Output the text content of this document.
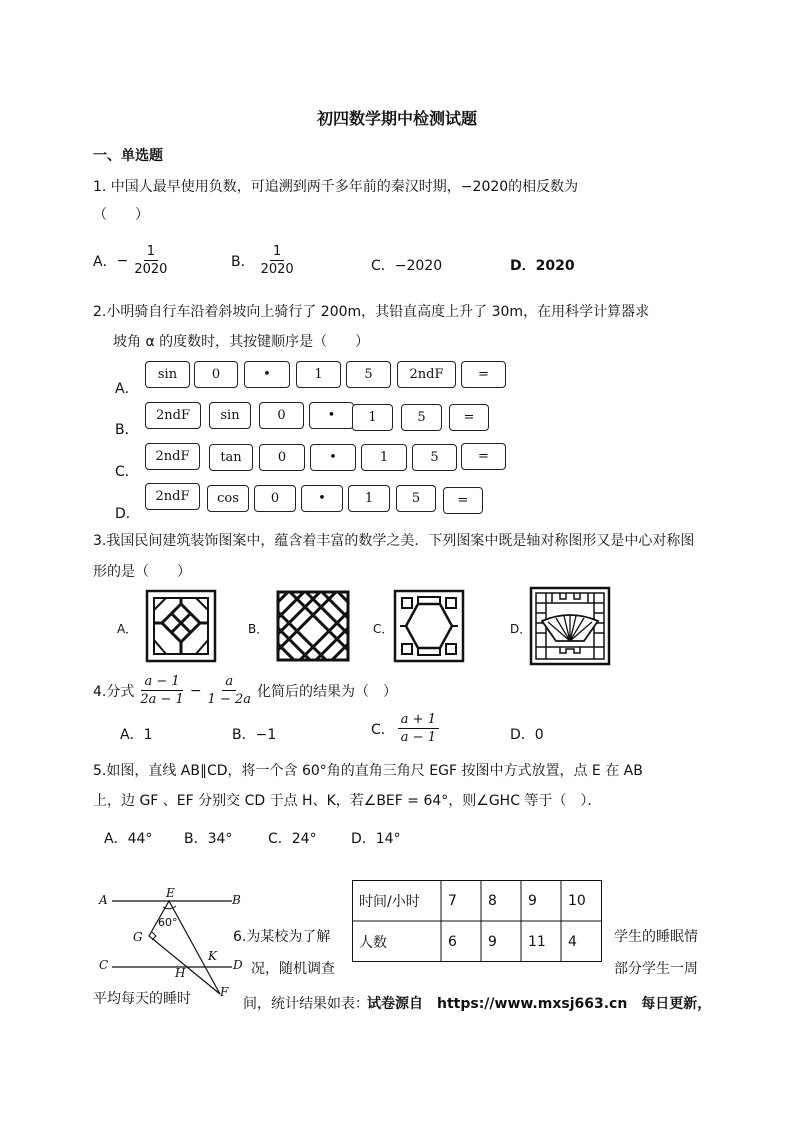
初四数学期中检测试题
一、单选题
1. 中国人最早使用负数，可追溯到两千多年前的秦汉时期，−2020的相反数为
（　　）
A． − $\frac{1}{2020}$	B． $\frac{1}{2020}$	C．−2020	D．2020
2.小明骑自行车沿着斜坡向上骑行了 200m，其铅直高度上升了 30m，在用科学计算器求
坡角 α 的度数时，其按键顺序是（　　）
A．
B．
C．
D．
sin	0	•	1	5	2ndF	=
2ndF	sin	0	•	1	5	=
2ndF	tan	0	•	1	5	=
2ndF	cos	0	•	1	5	=
3.我国民间建筑装饰图案中，蕴含着丰富的数学之美．下列图案中既是轴对称图形又是中心对称图
形的是（　　）
A．	B．	C．	D．
4.分式 $\frac{a - 1}{2a - 1} - \frac{a}{1 - 2a}$ 化简后的结果为（　）
A．1	B．−1	C． $\frac{a + 1}{a - 1}$	D．0
5.如图，直线 AB∥CD，将一个含 60°角的直角三角尺 EGF 按图中方式放置，点 E 在 AB
上，边 GF 、EF 分别交 CD 于点 H、K，若∠BEF = 64°，则∠GHC 等于（　）．
A．44° B．34°	C．24° D．14°
A	B
E
60°
G
C
H
K
D
F
6.为某校为了解	学生的睡眠情
况，随机调查	部分学生一周
平均每天的睡时	间，统计结果如表：
试卷源自　https://www.mxsj663.cn　每日更新，
时间/小时	7	8	9	10
人数	6	9	11	4
